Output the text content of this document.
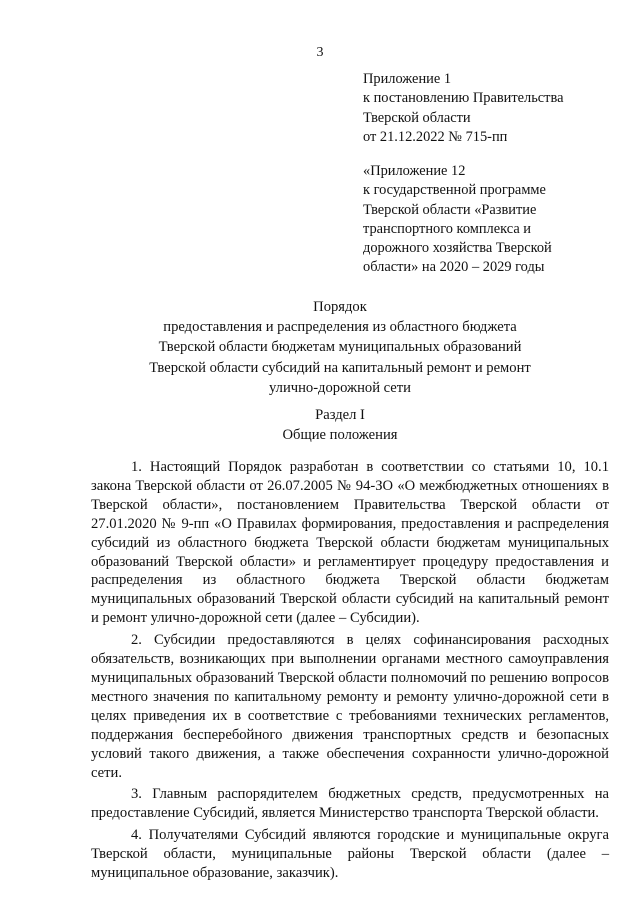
3
Приложение 1
к постановлению Правительства
Тверской области
от 21.12.2022 № 715-пп
«Приложение 12
к государственной программе
Тверской области «Развитие
транспортного комплекса и
дорожного хозяйства Тверской
области» на 2020 – 2029 годы
Порядок
предоставления и распределения из областного бюджета
Тверской области бюджетам муниципальных образований
Тверской области субсидий на капитальный ремонт и ремонт
улично-дорожной сети
Раздел I
Общие положения

1. Настоящий Порядок разработан в соответствии со статьями 10, 10.1 закона Тверской области от 26.07.2005 № 94-ЗО «О межбюджетных отношениях в Тверской области», постановлением Правительства Тверской области от 27.01.2020 № 9-пп «О Правилах формирования, предоставления и распределения субсидий из областного бюджета Тверской области бюджетам муниципальных образований Тверской области» и регламентирует процедуру предоставления и распределения из областного бюджета Тверской области бюджетам муниципальных образований Тверской области субсидий на капитальный ремонт и ремонт улично-дорожной сети (далее – Субсидии).

2. Субсидии предоставляются в целях софинансирования расходных обязательств, возникающих при выполнении органами местного самоуправления муниципальных образований Тверской области полномочий по решению вопросов местного значения по капитальному ремонту и ремонту улично-дорожной сети в целях приведения их в соответствие с требованиями технических регламентов, поддержания бесперебойного движения транспортных средств и безопасных условий такого движения, а также обеспечения сохранности улично-дорожной сети.

3. Главным распорядителем бюджетных средств, предусмотренных на предоставление Субсидий, является Министерство транспорта Тверской области.

4. Получателями Субсидий являются городские и муниципальные округа Тверской области, муниципальные районы Тверской области (далее – муниципальное образование, заказчик).
